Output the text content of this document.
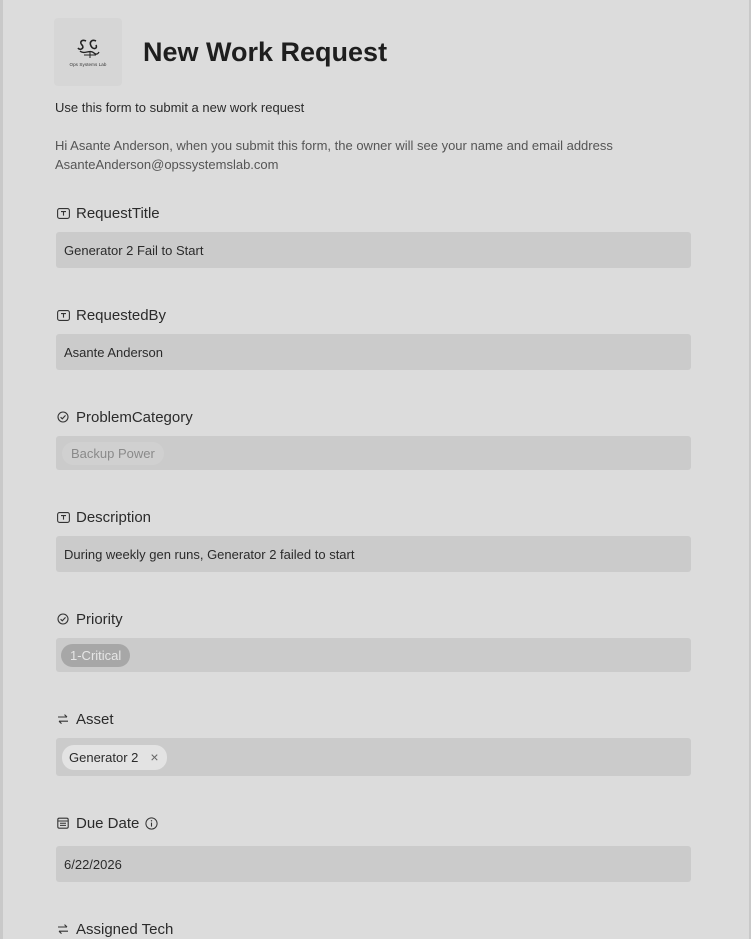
Ops Systems Lab New Work Request
Use this form to submit a new work request
Hi Asante Anderson, when you submit this form, the owner will see your name and email address
AsanteAnderson@opssystemslab.com
RequestTitle
Generator 2 Fail to Start
RequestedBy
Asante Anderson
ProblemCategory
Backup Power
Description
During weekly gen runs, Generator 2 failed to start
Priority
1-Critical
Asset
Generator 2 ×
Due Date
6/22/2026
Assigned Tech
